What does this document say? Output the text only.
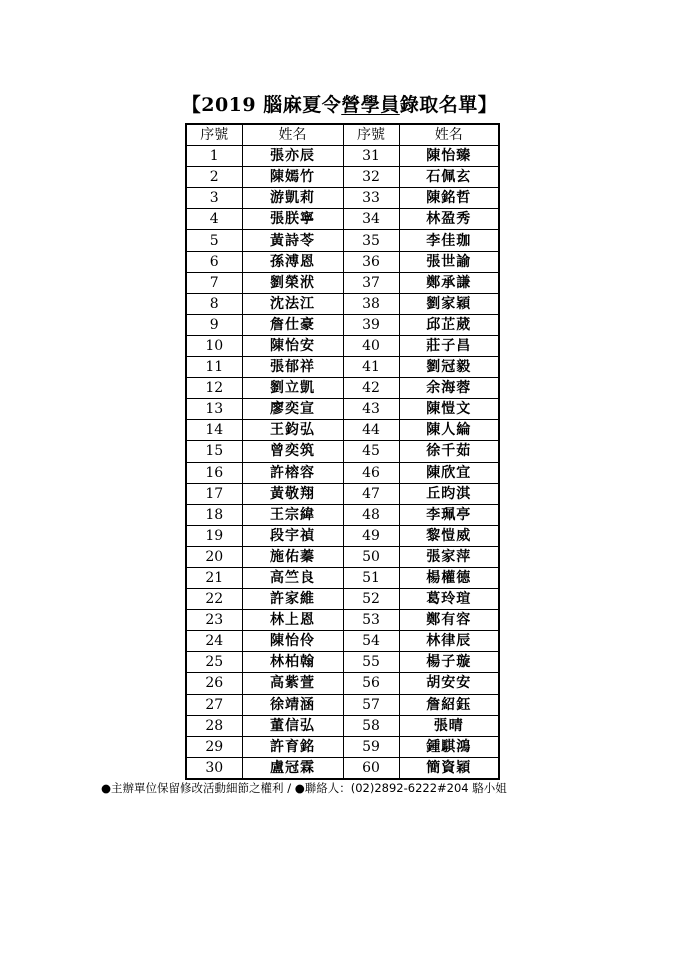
【2019 腦麻夏令營學員錄取名單】
序號	姓名	序號	姓名
1	張亦辰	31	陳怡臻
2	陳嫣竹	32	石佩玄
3	游凱莉	33	陳銘哲
4	張朕寧	34	林盈秀
5	黃詩苓	35	李佳珈
6	孫溥恩	36	張世諭
7	劉榮洑	37	鄭承謙
8	沈法江	38	劉家穎
9	詹仕豪	39	邱芷葳
10	陳怡安	40	莊子昌
11	張郁祥	41	劉冠毅
12	劉立凱	42	余海蓉
13	廖奕宣	43	陳愷文
14	王鈞弘	44	陳人綸
15	曾奕筑	45	徐千茹
16	許榕容	46	陳欣宜
17	黃敬翔	47	丘昀淇
18	王宗緯	48	李珮亭
19	段宇禎	49	黎愷威
20	施佑蓁	50	張家萍
21	高竺良	51	楊權德
22	許家維	52	葛玲瑄
23	林上恩	53	鄭有容
24	陳怡伶	54	林律辰
25	林柏翰	55	楊子璇
26	高紫萱	56	胡安安
27	徐靖涵	57	詹紹鈺
28	董信弘	58	張晴
29	許育銘	59	鍾騏鴻
30	盧冠霖	60	簡資穎
●主辦單位保留修改活動細節之權利 / ●聯絡人：(02)2892-6222#204 駱小姐
